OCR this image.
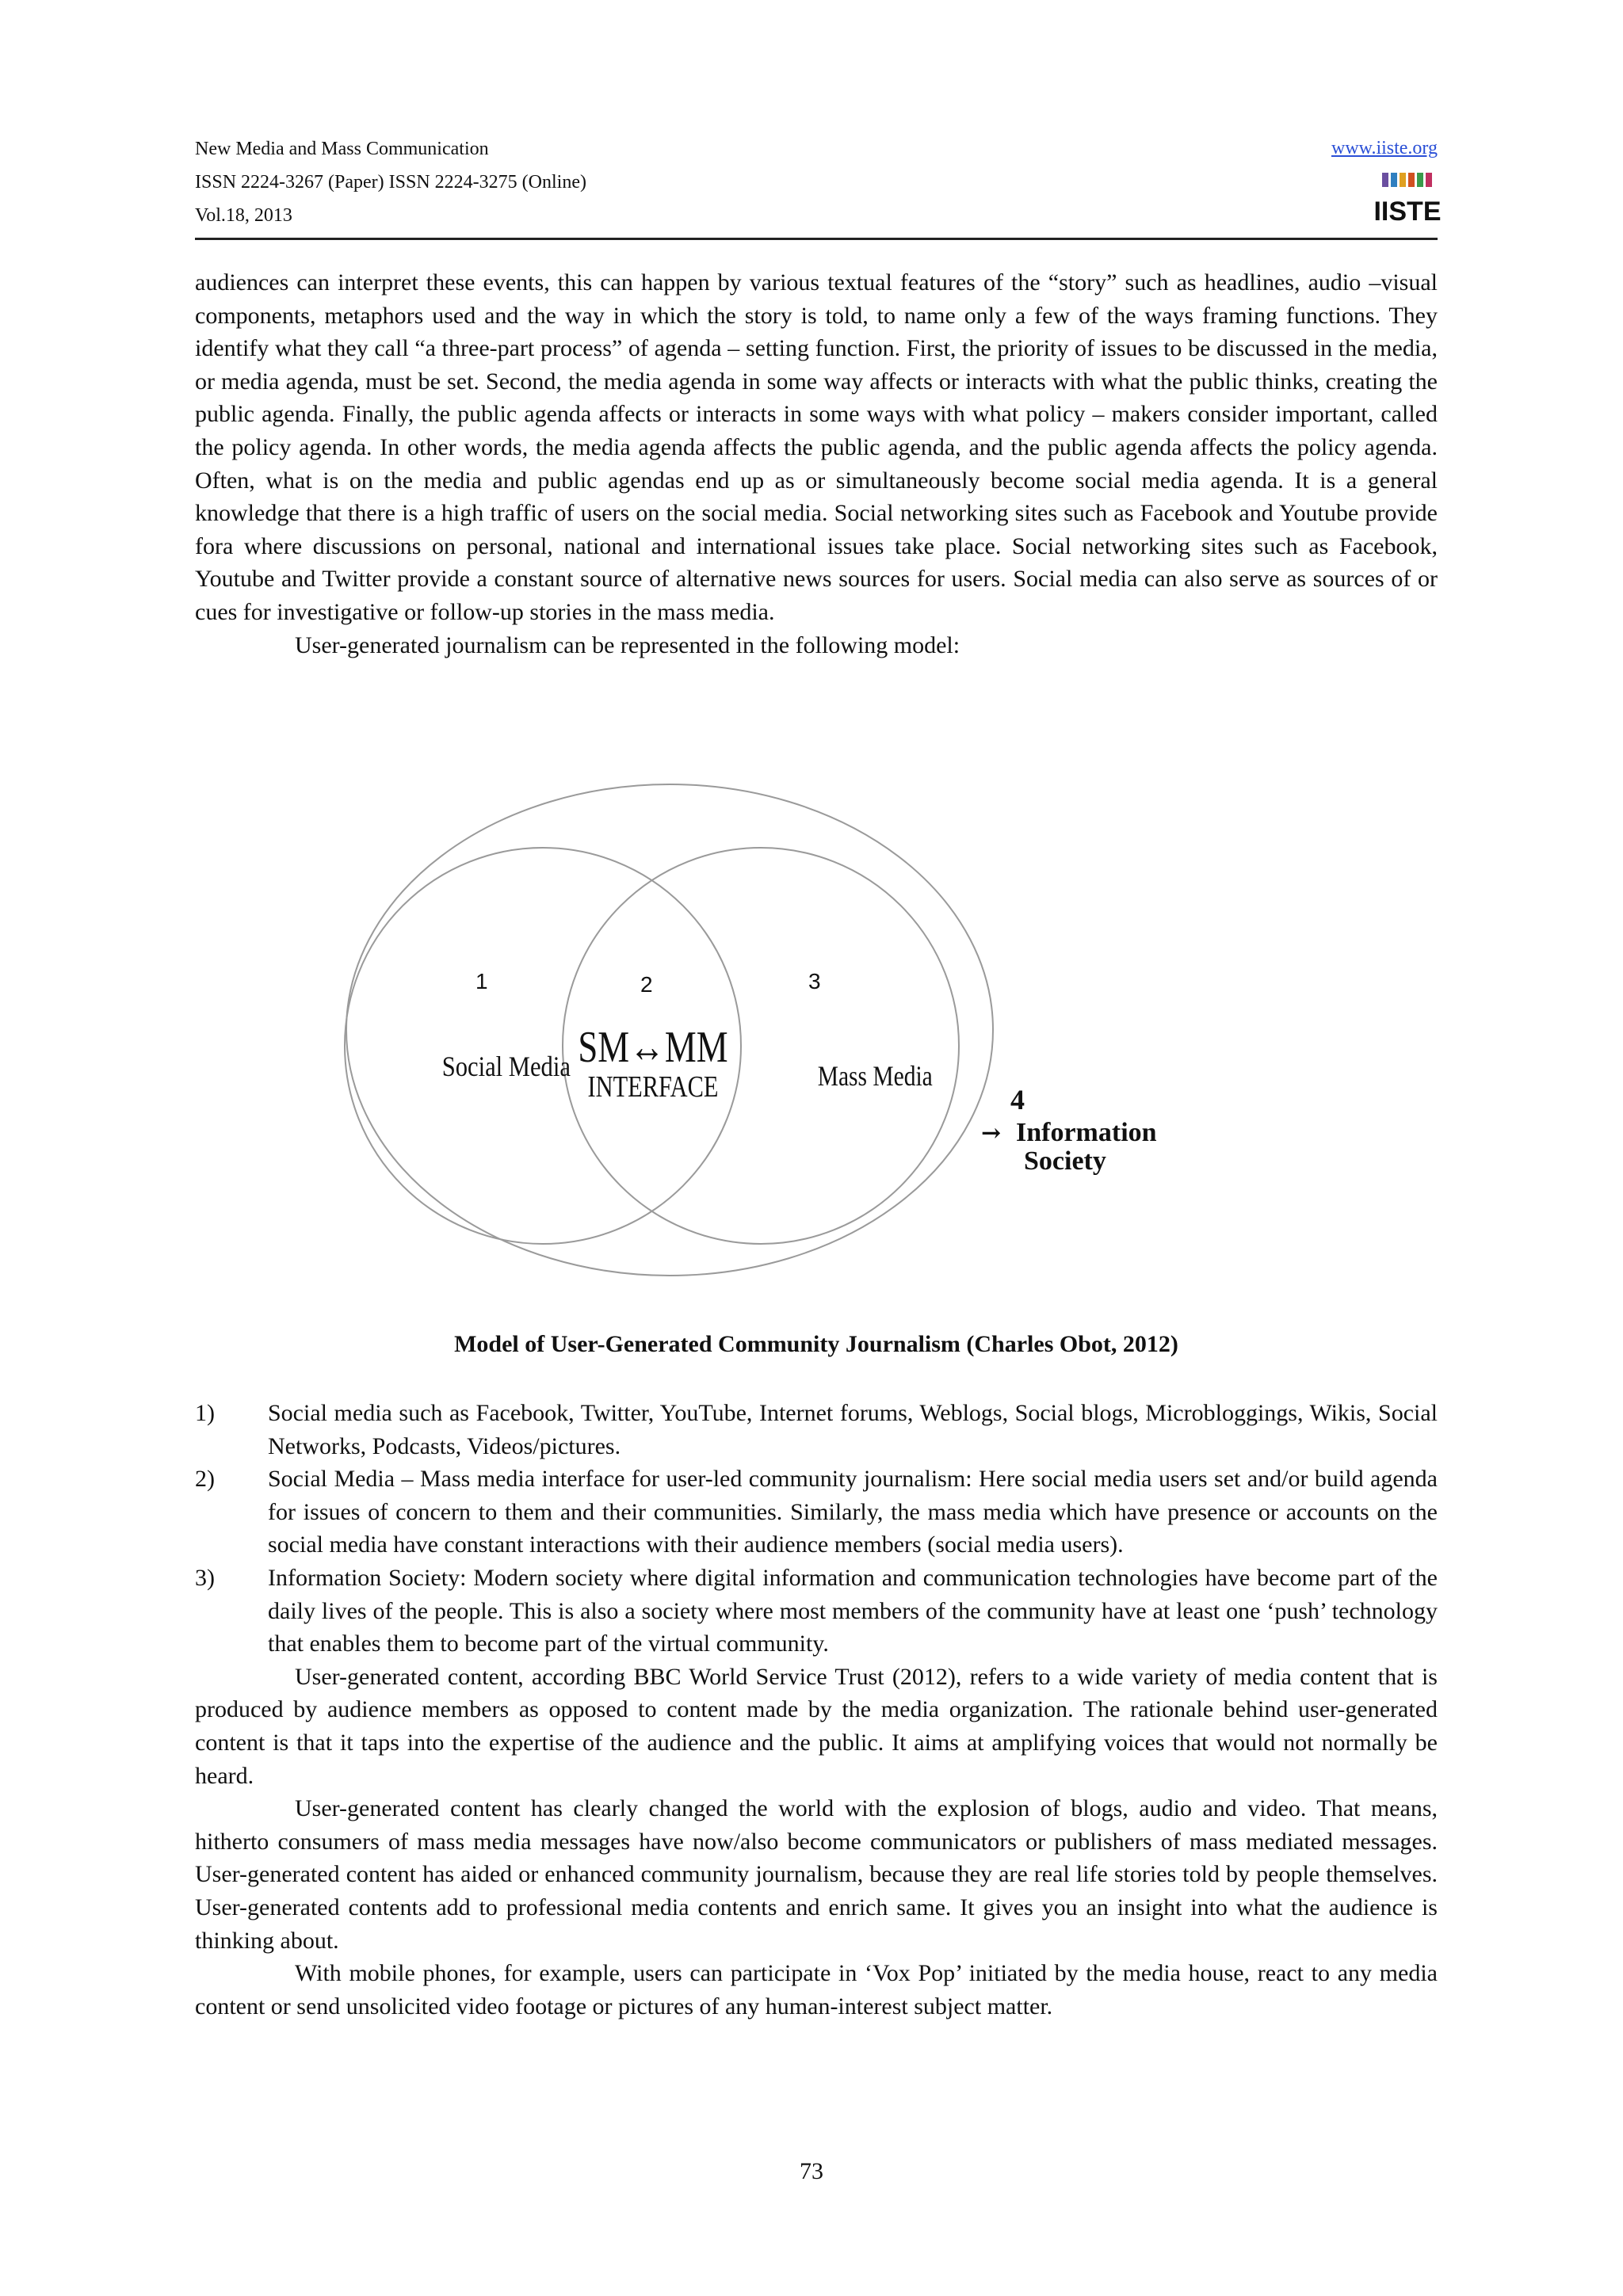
New Media and Mass Communication
ISSN 2224-3267 (Paper) ISSN 2224-3275 (Online)
Vol.18, 2013
www.iiste.org
IISTE

audiences can interpret these events, this can happen by various textual features of the “story” such as headlines, audio –visual components, metaphors used and the way in which the story is told, to name only a few of the ways framing functions. They identify what they call “a three-part process” of agenda – setting function. First, the priority of issues to be discussed in the media, or media agenda, must be set. Second, the media agenda in some way affects or interacts with what the public thinks, creating the public agenda. Finally, the public agenda affects or interacts in some ways with what policy – makers consider important, called the policy agenda. In other words, the media agenda affects the public agenda, and the public agenda affects the policy agenda. Often, what is on the media and public agendas end up as or simultaneously become social media agenda. It is a general knowledge that there is a high traffic of users on the social media. Social networking sites such as Facebook and Youtube provide fora where discussions on personal, national and international issues take place. Social networking sites such as Facebook, Youtube and Twitter provide a constant source of alternative news sources for users. Social media can also serve as sources of or cues for investigative or follow-up stories in the mass media.

User-generated journalism can be represented in the following model:

1	2	3
Social Media SM↔MM
INTERFACE	Mass Media
4
→ Information
Society
Model of User-Generated Community Journalism (Charles Obot, 2012)
1) Social media such as Facebook, Twitter, YouTube, Internet forums, Weblogs, Social blogs, Microbloggings, Wikis, Social Networks, Podcasts, Videos/pictures.
2) Social Media – Mass media interface for user-led community journalism: Here social media users set and/or build agenda for issues of concern to them and their communities. Similarly, the mass media which have presence or accounts on the social media have constant interactions with their audience members (social media users).
3) Information Society: Modern society where digital information and communication technologies have become part of the daily lives of the people. This is also a society where most members of the community have at least one ‘push’ technology that enables them to become part of the virtual community.

User-generated content, according BBC World Service Trust (2012), refers to a wide variety of media content that is produced by audience members as opposed to content made by the media organization. The rationale behind user-generated content is that it taps into the expertise of the audience and the public. It aims at amplifying voices that would not normally be heard.

User-generated content has clearly changed the world with the explosion of blogs, audio and video. That means, hitherto consumers of mass media messages have now/also become communicators or publishers of mass mediated messages. User-generated content has aided or enhanced community journalism, because they are real life stories told by people themselves. User-generated contents add to professional media contents and enrich same. It gives you an insight into what the audience is thinking about.

With mobile phones, for example, users can participate in ‘Vox Pop’ initiated by the media house, react to any media content or send unsolicited video footage or pictures of any human-interest subject matter.

73
